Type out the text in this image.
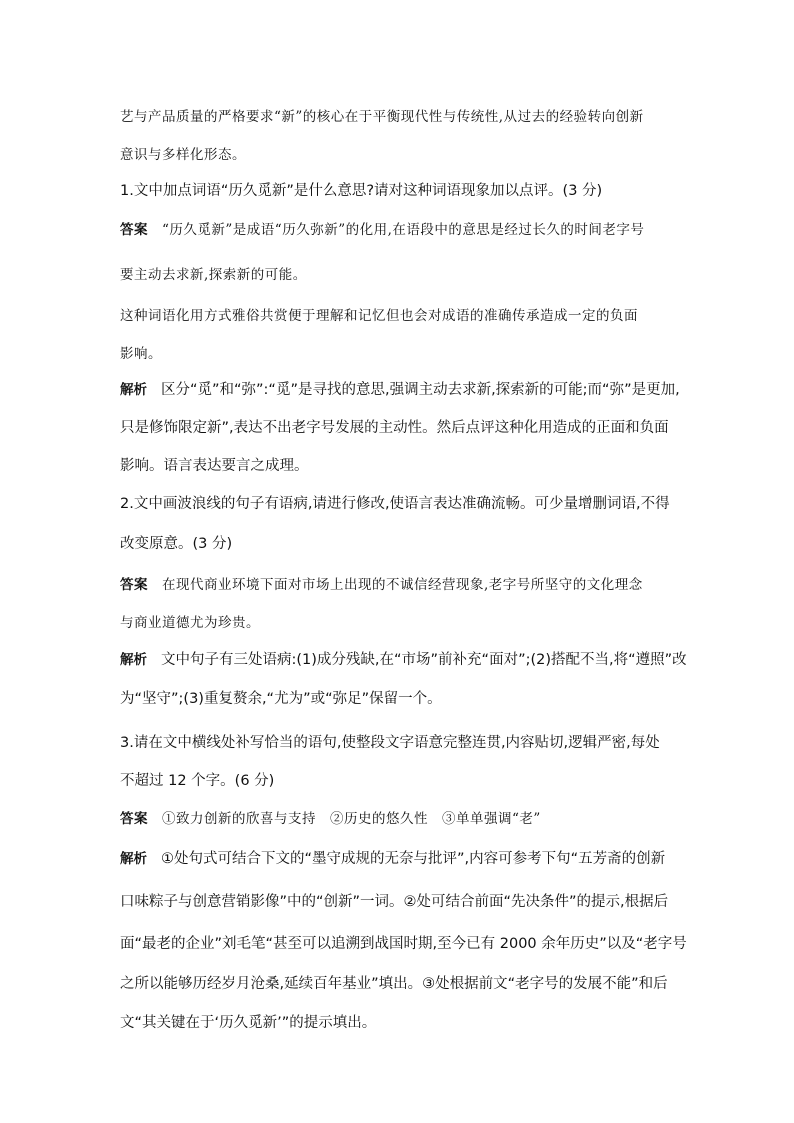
艺与产品质量的严格要求“新”的核心在于平衡现代性与传统性,从过去的经验转向创新
意识与多样化形态。
1.文中加点词语“历久觅新”是什么意思?请对这种词语现象加以点评。(3 分)
答案 “历久觅新”是成语“历久弥新”的化用,在语段中的意思是经过长久的时间老字号
要主动去求新,探索新的可能。
这种词语化用方式雅俗共赏便于理解和记忆但也会对成语的准确传承造成一定的负面
影响。
解析 区分“觅”和“弥”:“觅”是寻找的意思,强调主动去求新,探索新的可能;而“弥”是更加,
只是修饰限定新”,表达不出老字号发展的主动性。然后点评这种化用造成的正面和负面
影响。语言表达要言之成理。
2.文中画波浪线的句子有语病,请进行修改,使语言表达准确流畅。可少量增删词语,不得
改变原意。(3 分)
答案 在现代商业环境下面对市场上出现的不诚信经营现象,老字号所坚守的文化理念
与商业道德尤为珍贵。
解析 文中句子有三处语病:(1)成分残缺,在“市场”前补充“面对”;(2)搭配不当,将“遵照”改
为“坚守”;(3)重复赘余,“尤为”或“弥足”保留一个。
3.请在文中横线处补写恰当的语句,使整段文字语意完整连贯,内容贴切,逻辑严密,每处
不超过 12 个字。(6 分)
答案 ①致力创新的欣喜与支持　②历史的悠久性　③单单强调“老”
解析 ①处句式可结合下文的“墨守成规的无奈与批评”,内容可参考下句“五芳斋的创新
口味粽子与创意营销影像”中的“创新”一词。②处可结合前面“先决条件”的提示,根据后
面“最老的企业”刘毛笔“甚至可以追溯到战国时期,至今已有 2000 余年历史”以及“老字号
之所以能够历经岁月沧桑,延续百年基业”填出。③处根据前文“老字号的发展不能”和后
文“其关键在于‘历久觅新’”的提示填出。
